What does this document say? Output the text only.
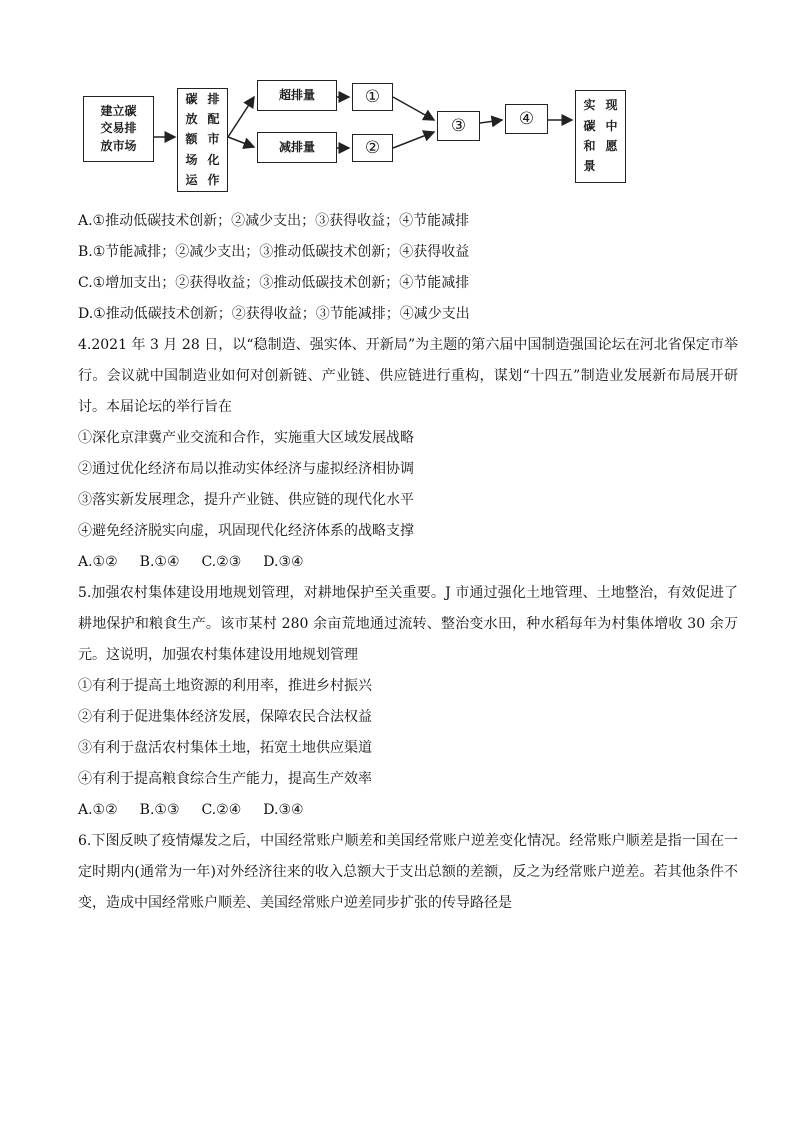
建立碳
交易排
放市场
碳 排
放 配
额 市
场 化
运 作
超排量
减排量
①
②
③	④
实 现
碳 中
和 愿
景
A.①推动低碳技术创新；②减少支出；③获得收益；④节能减排
B.①节能减排；②减少支出；③推动低碳技术创新；④获得收益
C.①增加支出；②获得收益；③推动低碳技术创新；④节能减排
D.①推动低碳技术创新；②获得收益；③节能减排；④减少支出
4.2021 年 3 月 28 日，以“稳制造、强实体、开新局”为主题的第六届中国制造强国论坛在河北省保定市举行。会议就中国制造业如何对创新链、产业链、供应链进行重构，谋划“十四五”制造业发展新布局展开研讨。本届论坛的举行旨在
①深化京津冀产业交流和合作，实施重大区域发展战略
②通过优化经济布局以推动实体经济与虚拟经济相协调
③落实新发展理念，提升产业链、供应链的现代化水平
④避免经济脱实向虚，巩固现代化经济体系的战略支撑
A.①② B.①④ C.②③ D.③④
5.加强农村集体建设用地规划管理，对耕地保护至关重要。J 市通过强化土地管理、土地整治，有效促进了耕地保护和粮食生产。该市某村 280 余亩荒地通过流转、整治变水田，种水稻每年为村集体增收 30 余万元。这说明，加强农村集体建设用地规划管理
①有利于提高土地资源的利用率，推进乡村振兴
②有利于促进集体经济发展，保障农民合法权益
③有利于盘活农村集体土地，拓宽土地供应渠道
④有利于提高粮食综合生产能力，提高生产效率
A.①② B.①③ C.②④ D.③④
6.下图反映了疫情爆发之后，中国经常账户顺差和美国经常账户逆差变化情况。经常账户顺差是指一国在一定时期内(通常为一年)对外经济往来的收入总额大于支出总额的差额，反之为经常账户逆差。若其他条件不变，造成中国经常账户顺差、美国经常账户逆差同步扩张的传导路径是
